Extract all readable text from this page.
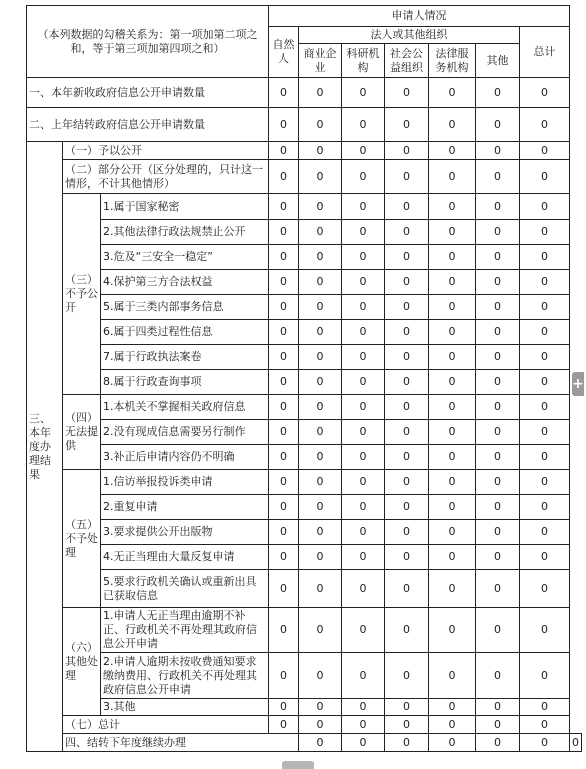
（本列数据的勾稽关系为：第一项加第二项之和，等于第三项加第四项之和）			申请人情况							
			自然人	法人或其他组织					总计	
				商业企业	科研机构	社会公益组织	法律服务机构	其他		
一、本年新收政府信息公开申请数量			0	0	0	0	0	0	0	
二、上年结转政府信息公开申请数量			0	0	0	0	0	0	0	
三、本年度办理结果	（一）予以公开		0	0	0	0	0	0	0	
	（二）部分公开（区分处理的，只计这一情形，不计其他情形）		0	0	0	0	0	0	0	
	（三）不予公开	1.属于国家秘密	0	0	0	0	0	0	0	
		2.其他法律行政法规禁止公开	0	0	0	0	0	0	0	
		3.危及“三安全一稳定”	0	0	0	0	0	0	0	
		4.保护第三方合法权益	0	0	0	0	0	0	0	
		5.属于三类内部事务信息	0	0	0	0	0	0	0	
		6.属于四类过程性信息	0	0	0	0	0	0	0	
		7.属于行政执法案卷	0	0	0	0	0	0	0	
		8.属于行政查询事项	0	0	0	0	0	0	0	
	（四）无法提供	1.本机关不掌握相关政府信息	0	0	0	0	0	0	0	
		2.没有现成信息需要另行制作	0	0	0	0	0	0	0	
		3.补正后申请内容仍不明确	0	0	0	0	0	0	0	
	（五）不予处理	1.信访举报投诉类申请	0	0	0	0	0	0	0	
		2.重复申请	0	0	0	0	0	0	0	
		3.要求提供公开出版物	0	0	0	0	0	0	0	
		4.无正当理由大量反复申请	0	0	0	0	0	0	0	
		5.要求行政机关确认或重新出具已获取信息	0	0	0	0	0	0	0	
	（六）其他处理	1.申请人无正当理由逾期不补正、行政机关不再处理其政府信息公开申请	0	0	0	0	0	0	0	
		2.申请人逾期未按收费通知要求缴纳费用、行政机关不再处理其政府信息公开申请	0	0	0	0	0	0	0	
		3.其他	0	0	0	0	0	0	0	
	（七）总计		0	0	0	0	0	0	0	
	四、结转下年度继续办理			0	0	0	0	0	0	0
+
